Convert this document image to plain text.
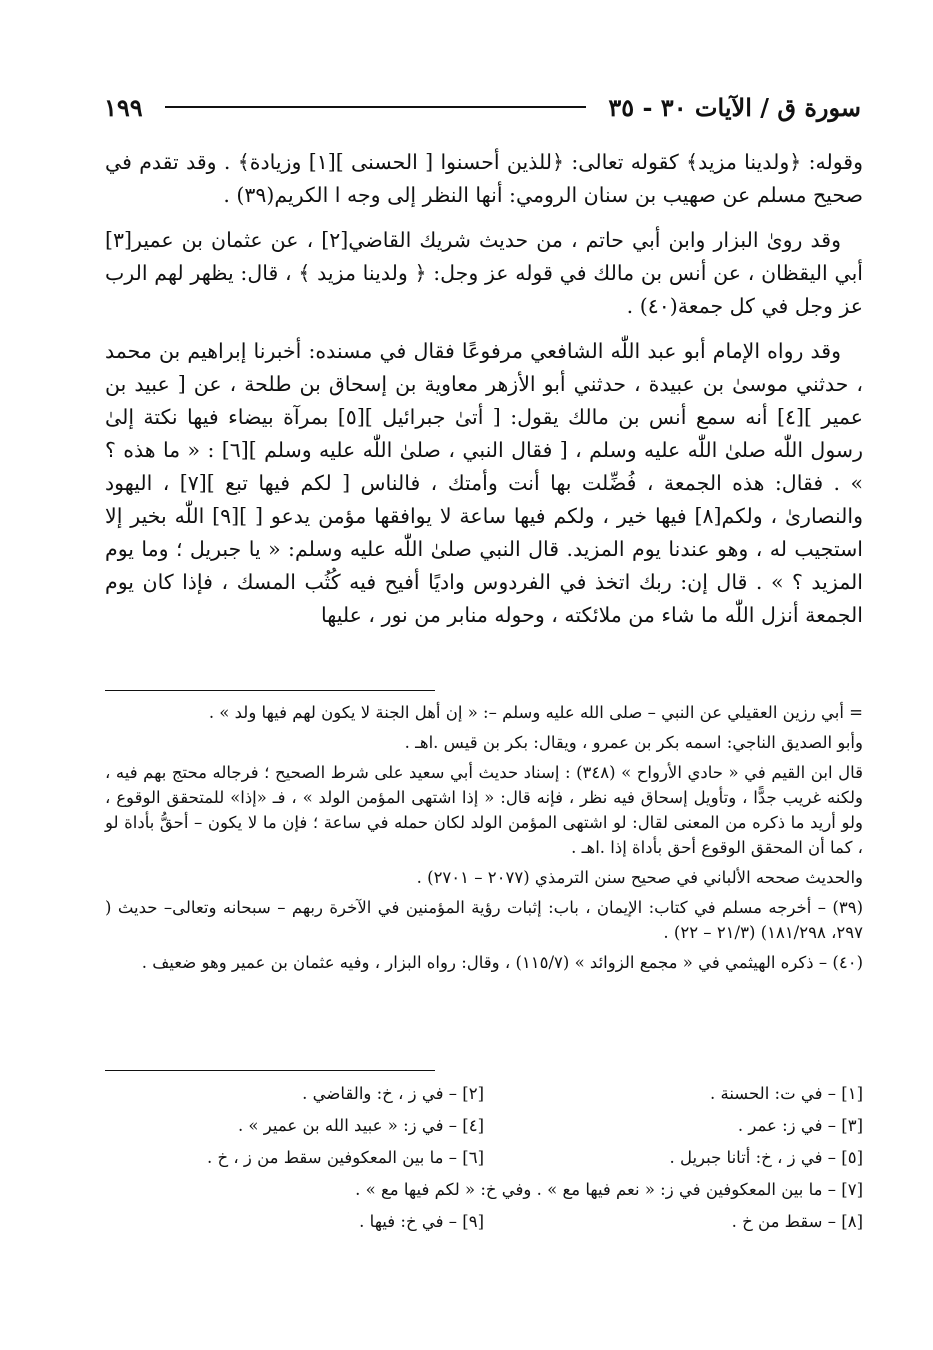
سورة ق / الآيات ٣٠ - ٣٥
١٩٩

وقوله: ﴿ولدينا مزيد﴾ كقوله تعالى: ﴿للذين أحسنوا [ الحسنى ][١] وزيادة﴾ . وقد تقدم في صحيح مسلم عن صهيب بن سنان الرومي: أنها النظر إلى وجه ا الكريم(٣٩) .

وقد روىٰ البزار وابن أبي حاتم ، من حديث شريك القاضي[٢] ، عن عثمان بن عمير[٣] أبي اليقظان ، عن أنس بن مالك في قوله عز وجل: ﴿ ولدينا مزيد ﴾ ، قال: يظهر لهم الرب عز وجل في كل جمعة(٤٠) .

وقد رواه الإمام أبو عبد اللّٰه الشافعي مرفوعًا فقال في مسنده: أخبرنا إبراهيم بن محمد ، حدثني موسىٰ بن عبيدة ، حدثني أبو الأزهر معاوية بن إسحاق بن طلحة ، عن [ عبيد بن عمير ][٤] أنه سمع أنس بن مالك يقول: [ أتىٰ جبرائيل ][٥] بمرآة بيضاء فيها نكتة إلىٰ رسول اللّٰه صلىٰ اللّٰه عليه وسلم ، [ فقال النبي ، صلىٰ اللّٰه عليه وسلم ][٦] : « ما هذه ؟ » . فقال: هذه الجمعة ، فُضِّلت بها أنت وأمتك ، فالناس [ لكم فيها تبع ][٧] ، اليهود والنصارىٰ ، ولكم[٨] فيها خير ، ولكم فيها ساعة لا يوافقها مؤمن يدعو [ ][٩] اللّٰه بخير إلا استجيب له ، وهو عندنا يوم المزيد. قال النبي صلىٰ اللّٰه عليه وسلم: « يا جبريل ؛ وما يوم المزيد ؟ » . قال إن: ربك اتخذ في الفردوس واديًا أفيح فيه كُثُب المسك ، فإذا كان يوم الجمعة أنزل اللّٰه ما شاء من ملائكته ، وحوله منابر من نور ، عليها

= أبي رزين العقيلي عن النبي – صلى الله عليه وسلم –: « إن أهل الجنة لا يكون لهم فيها ولد » .

وأبو الصديق الناجي: اسمه بكر بن عمرو ، ويقال: بكر بن قيس .اهـ .

قال ابن القيم في « حادي الأرواح » (٣٤٨) : إسناد حديث أبي سعيد على شرط الصحيح ؛ فرجاله محتج بهم فيه ، ولكنه غريب جدًّا ، وتأويل إسحاق فيه نظر ، فإنه قال: « إذا اشتهى المؤمن الولد » ، فـ «إذا» للمتحقق الوقوع ، ولو أريد ما ذكره من المعنى لقال: لو اشتهى المؤمن الولد لكان حمله في ساعة ؛ فإن ما لا يكون – أحقُّ بأداة لو ، كما أن المحقق الوقوع أحق بأداة إذا .اهـ .

والحديث صححه الألباني في صحيح سنن الترمذي (٢٠٧٧ – ٢٧٠١) .

(٣٩) – أخرجه مسلم في كتاب: الإيمان ، باب: إثبات رؤية المؤمنين في الآخرة ربهم – سبحانه وتعالى– حديث ( ٢٩٧، ١٨١/٢٩٨) (٢١/٣ – ٢٢) .

(٤٠) – ذكره الهيثمي في « مجمع الزوائد » (١١٥/٧) ، وقال: رواه البزار ، وفيه عثمان بن عمير وهو ضعيف .

[١] – في ت: الحسنة .
[٢] – في ز ، خ: والقاضي .
[٣] – في ز: عمر .
[٤] – في ز: « عبيد الله بن عمير » .
[٥] – في ز ، خ: أتانا جبريل .
[٦] – ما بين المعكوفين سقط من ز ، خ .
[٧] – ما بين المعكوفين في ز: « نعم فيها مع » . وفي خ: « لكم فيها مع » .
[٨] – سقط من خ .
[٩] – في خ: فيها .
